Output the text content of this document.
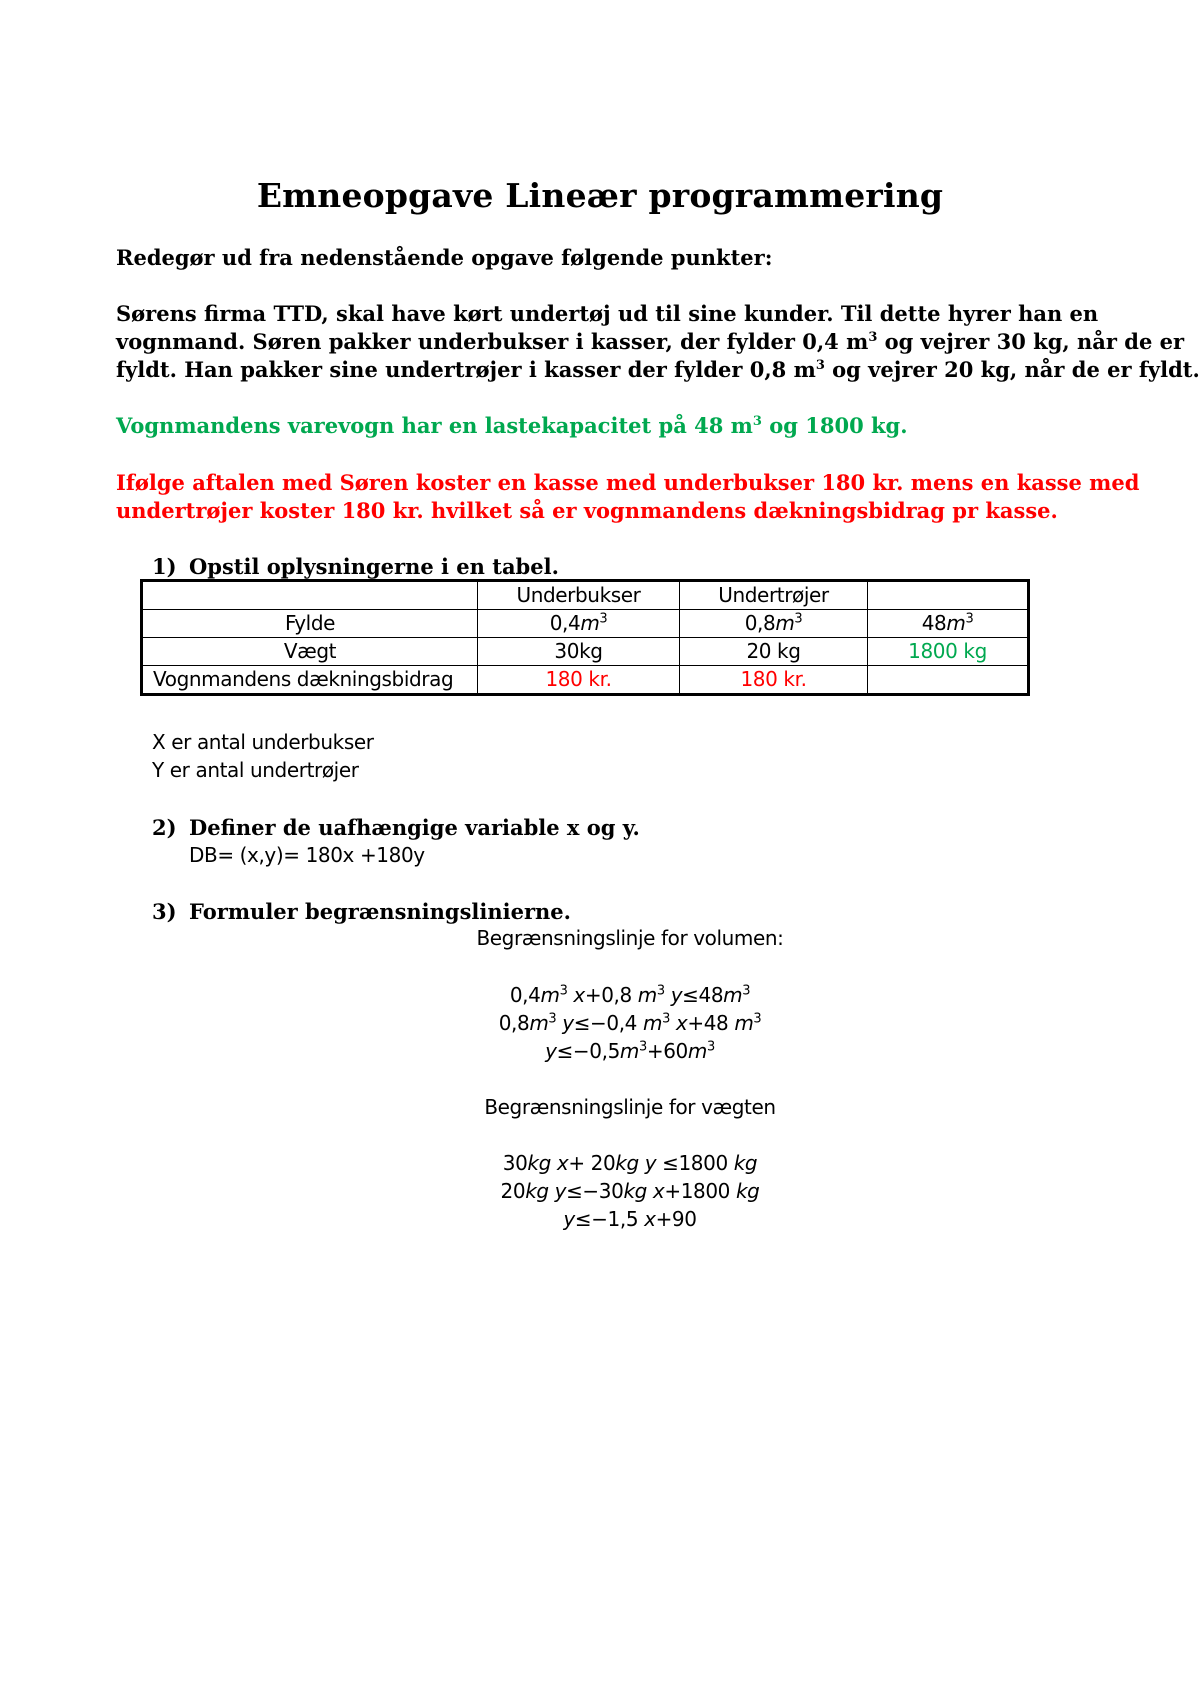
Emneopgave Lineær programmering
Redegør ud fra nedenstående opgave følgende punkter:
Sørens firma TTD, skal have kørt undertøj ud til sine kunder. Til dette hyrer han en
vognmand. Søren pakker underbukser i kasser, der fylder 0,4 $m^3$ og vejrer 30 kg, når de er
fyldt. Han pakker sine undertrøjer i kasser der fylder 0,8 $m^3$ og vejrer 20 kg, når de er fyldt.
Vognmandens varevogn har en lastekapacitet på 48 $m^3$ og 1800 kg.
Ifølge aftalen med Søren koster en kasse med underbukser 180 kr. mens en kasse med
undertrøjer koster 180 kr. hvilket så er vognmandens dækningsbidrag pr kasse.
1) Opstil oplysningerne i en tabel.
	Underbukser	Undertrøjer	
Fylde	$0,4m^3$	$0,8m^3$	$48m^3$
Vægt	30kg	20 kg	1800 kg
Vognmandens dækningsbidrag	180 kr.	180 kr.	
X er antal underbukser
Y er antal undertrøjer
2) Definer de uafhængige variable x og y.
DB= (x,y)= 180x +180y
3) Formuler begrænsningslinierne.
Begrænsningslinje for volumen:
$0,4m^3$ x+0,8 $m^3$ $y\le 48m^3$
$0,8m^3$ y≤−0,4 $m^3$ x+48 $m^3$
$y\le-0,5m^3+60m^3$
Begrænsningslinje for vægten
30kg x+ 20kg y ≤1800 kg
20kg y≤−30kg x+1800 kg
y≤−1,5 x+90
